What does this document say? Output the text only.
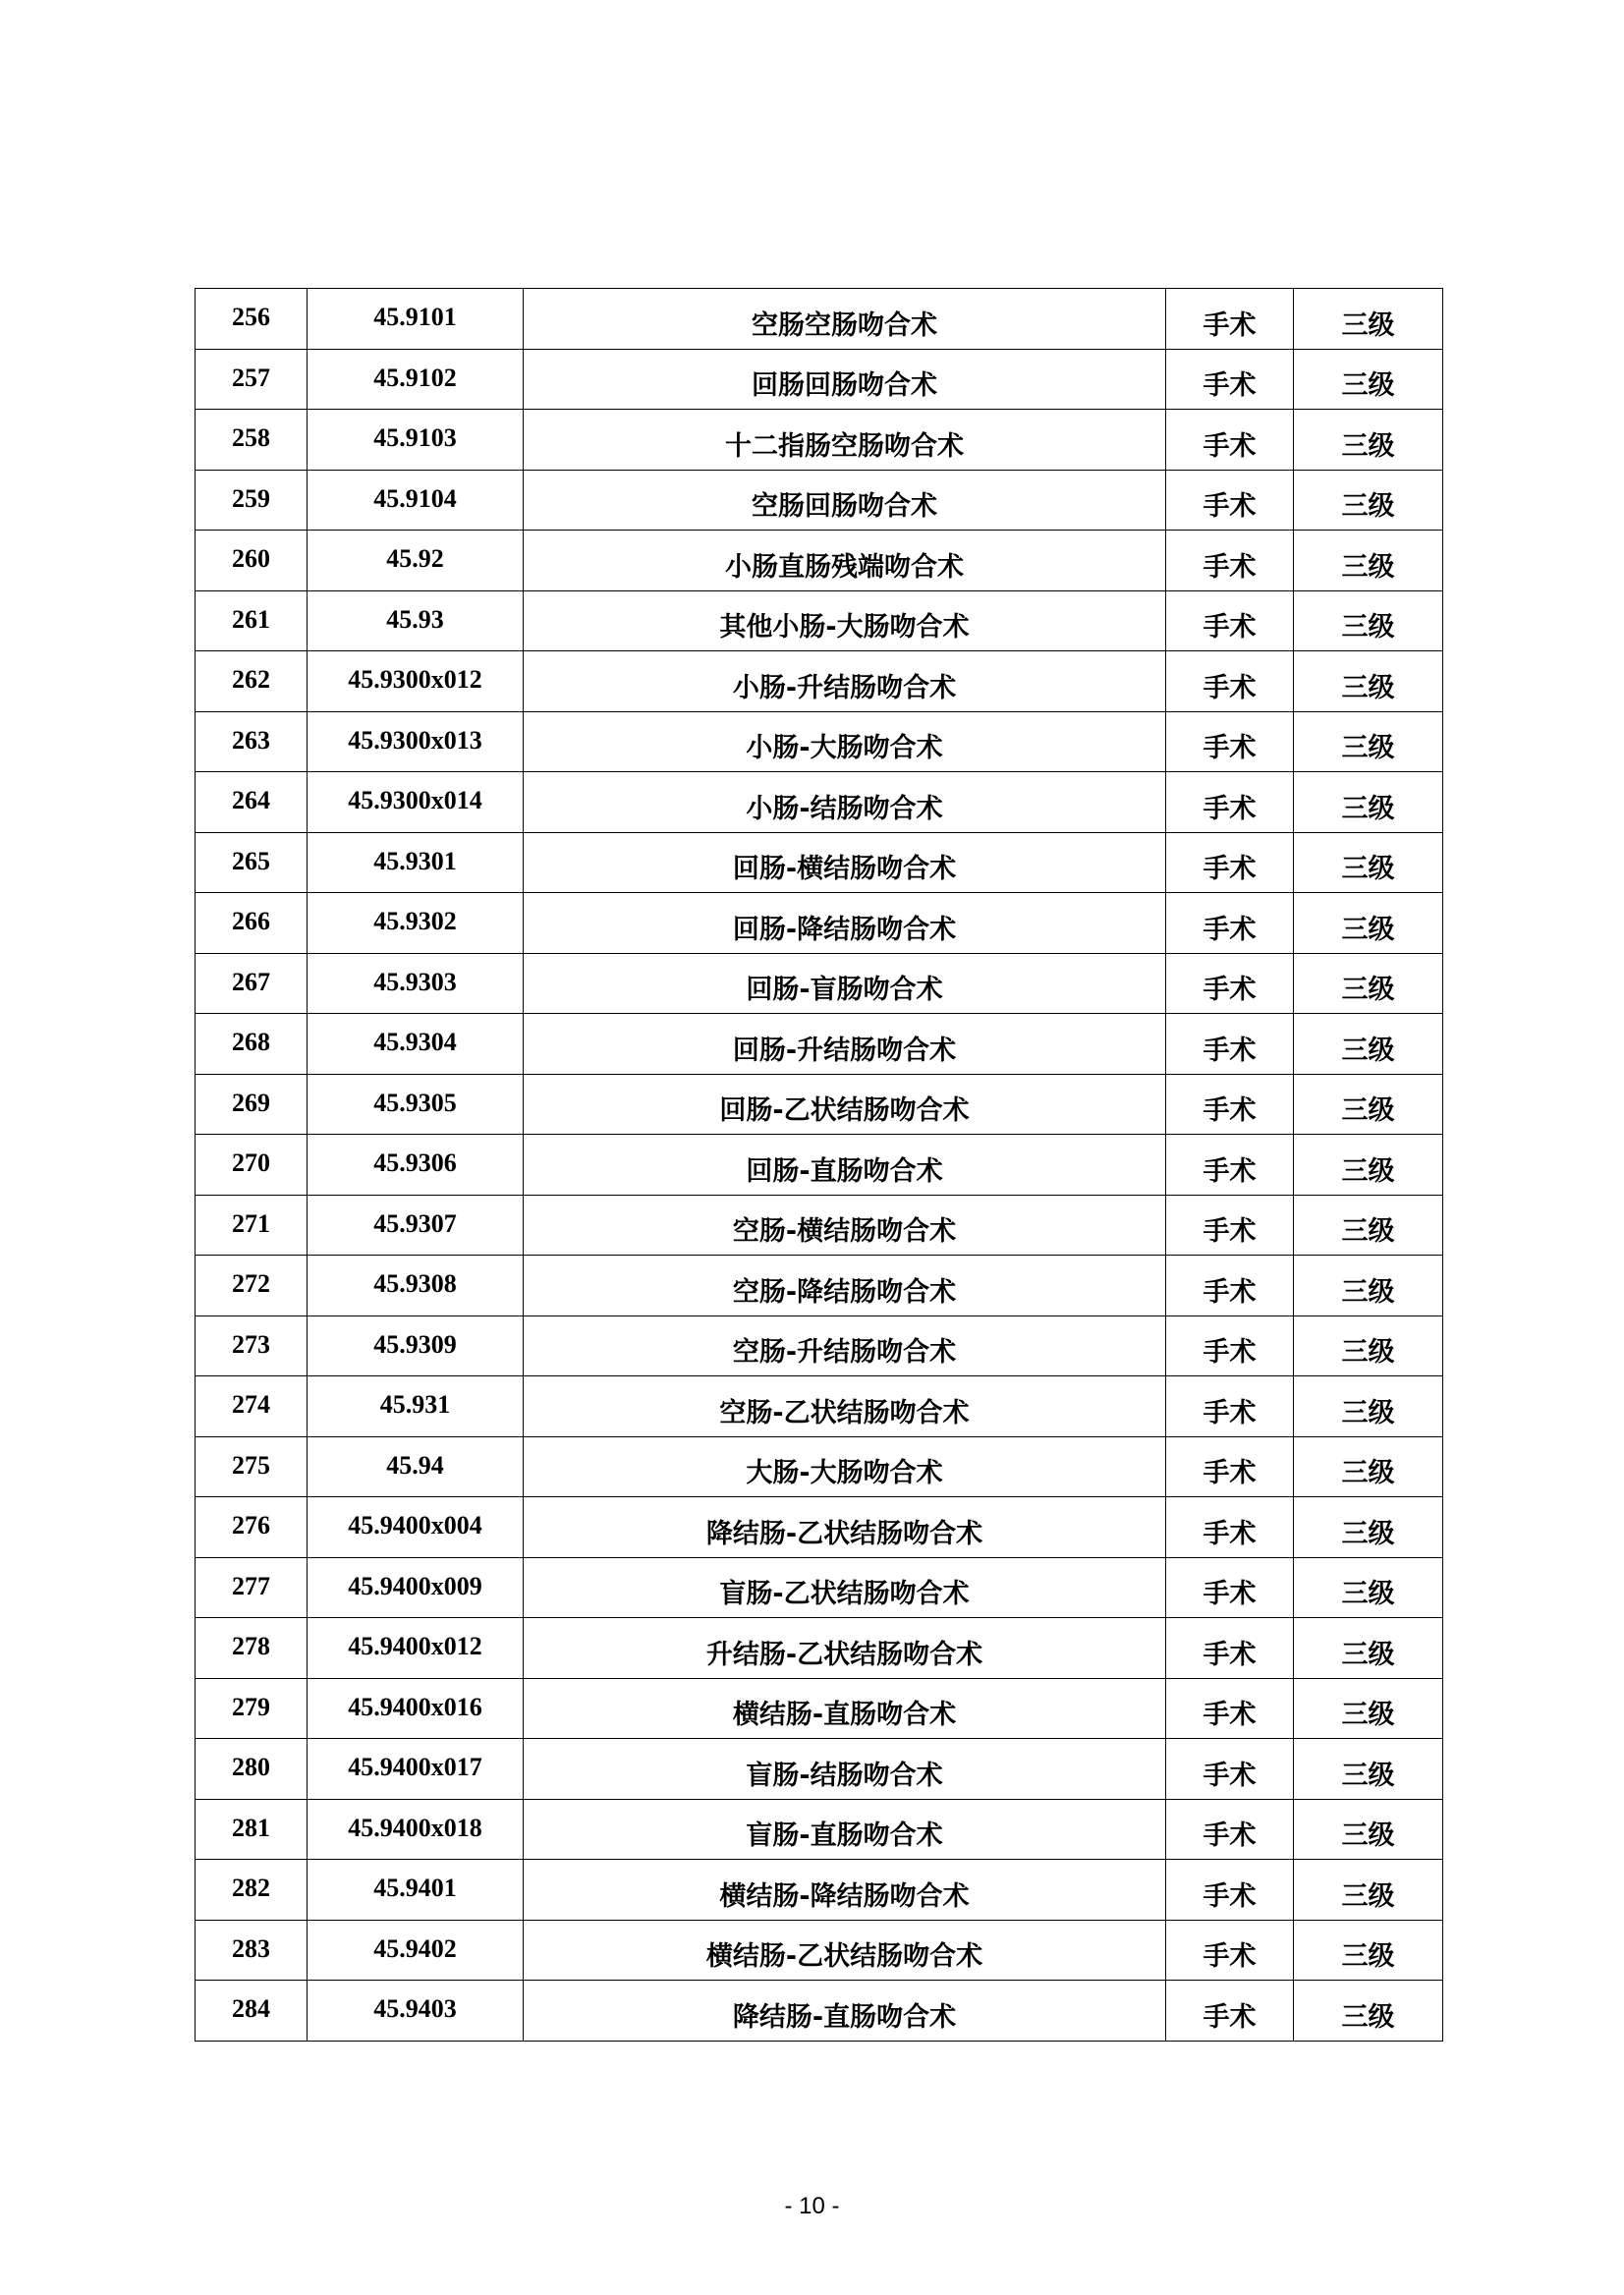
256	45.9101	空肠空肠吻合术	手术	三级
257	45.9102	回肠回肠吻合术	手术	三级
258	45.9103	十二指肠空肠吻合术	手术	三级
259	45.9104	空肠回肠吻合术	手术	三级
260	45.92	小肠直肠残端吻合术	手术	三级
261	45.93	其他小肠-大肠吻合术	手术	三级
262	45.9300x012	小肠-升结肠吻合术	手术	三级
263	45.9300x013	小肠-大肠吻合术	手术	三级
264	45.9300x014	小肠-结肠吻合术	手术	三级
265	45.9301	回肠-横结肠吻合术	手术	三级
266	45.9302	回肠-降结肠吻合术	手术	三级
267	45.9303	回肠-盲肠吻合术	手术	三级
268	45.9304	回肠-升结肠吻合术	手术	三级
269	45.9305	回肠-乙状结肠吻合术	手术	三级
270	45.9306	回肠-直肠吻合术	手术	三级
271	45.9307	空肠-横结肠吻合术	手术	三级
272	45.9308	空肠-降结肠吻合术	手术	三级
273	45.9309	空肠-升结肠吻合术	手术	三级
274	45.931	空肠-乙状结肠吻合术	手术	三级
275	45.94	大肠-大肠吻合术	手术	三级
276	45.9400x004	降结肠-乙状结肠吻合术	手术	三级
277	45.9400x009	盲肠-乙状结肠吻合术	手术	三级
278	45.9400x012	升结肠-乙状结肠吻合术	手术	三级
279	45.9400x016	横结肠-直肠吻合术	手术	三级
280	45.9400x017	盲肠-结肠吻合术	手术	三级
281	45.9400x018	盲肠-直肠吻合术	手术	三级
282	45.9401	横结肠-降结肠吻合术	手术	三级
283	45.9402	横结肠-乙状结肠吻合术	手术	三级
284	45.9403	降结肠-直肠吻合术	手术	三级
- 10 -
